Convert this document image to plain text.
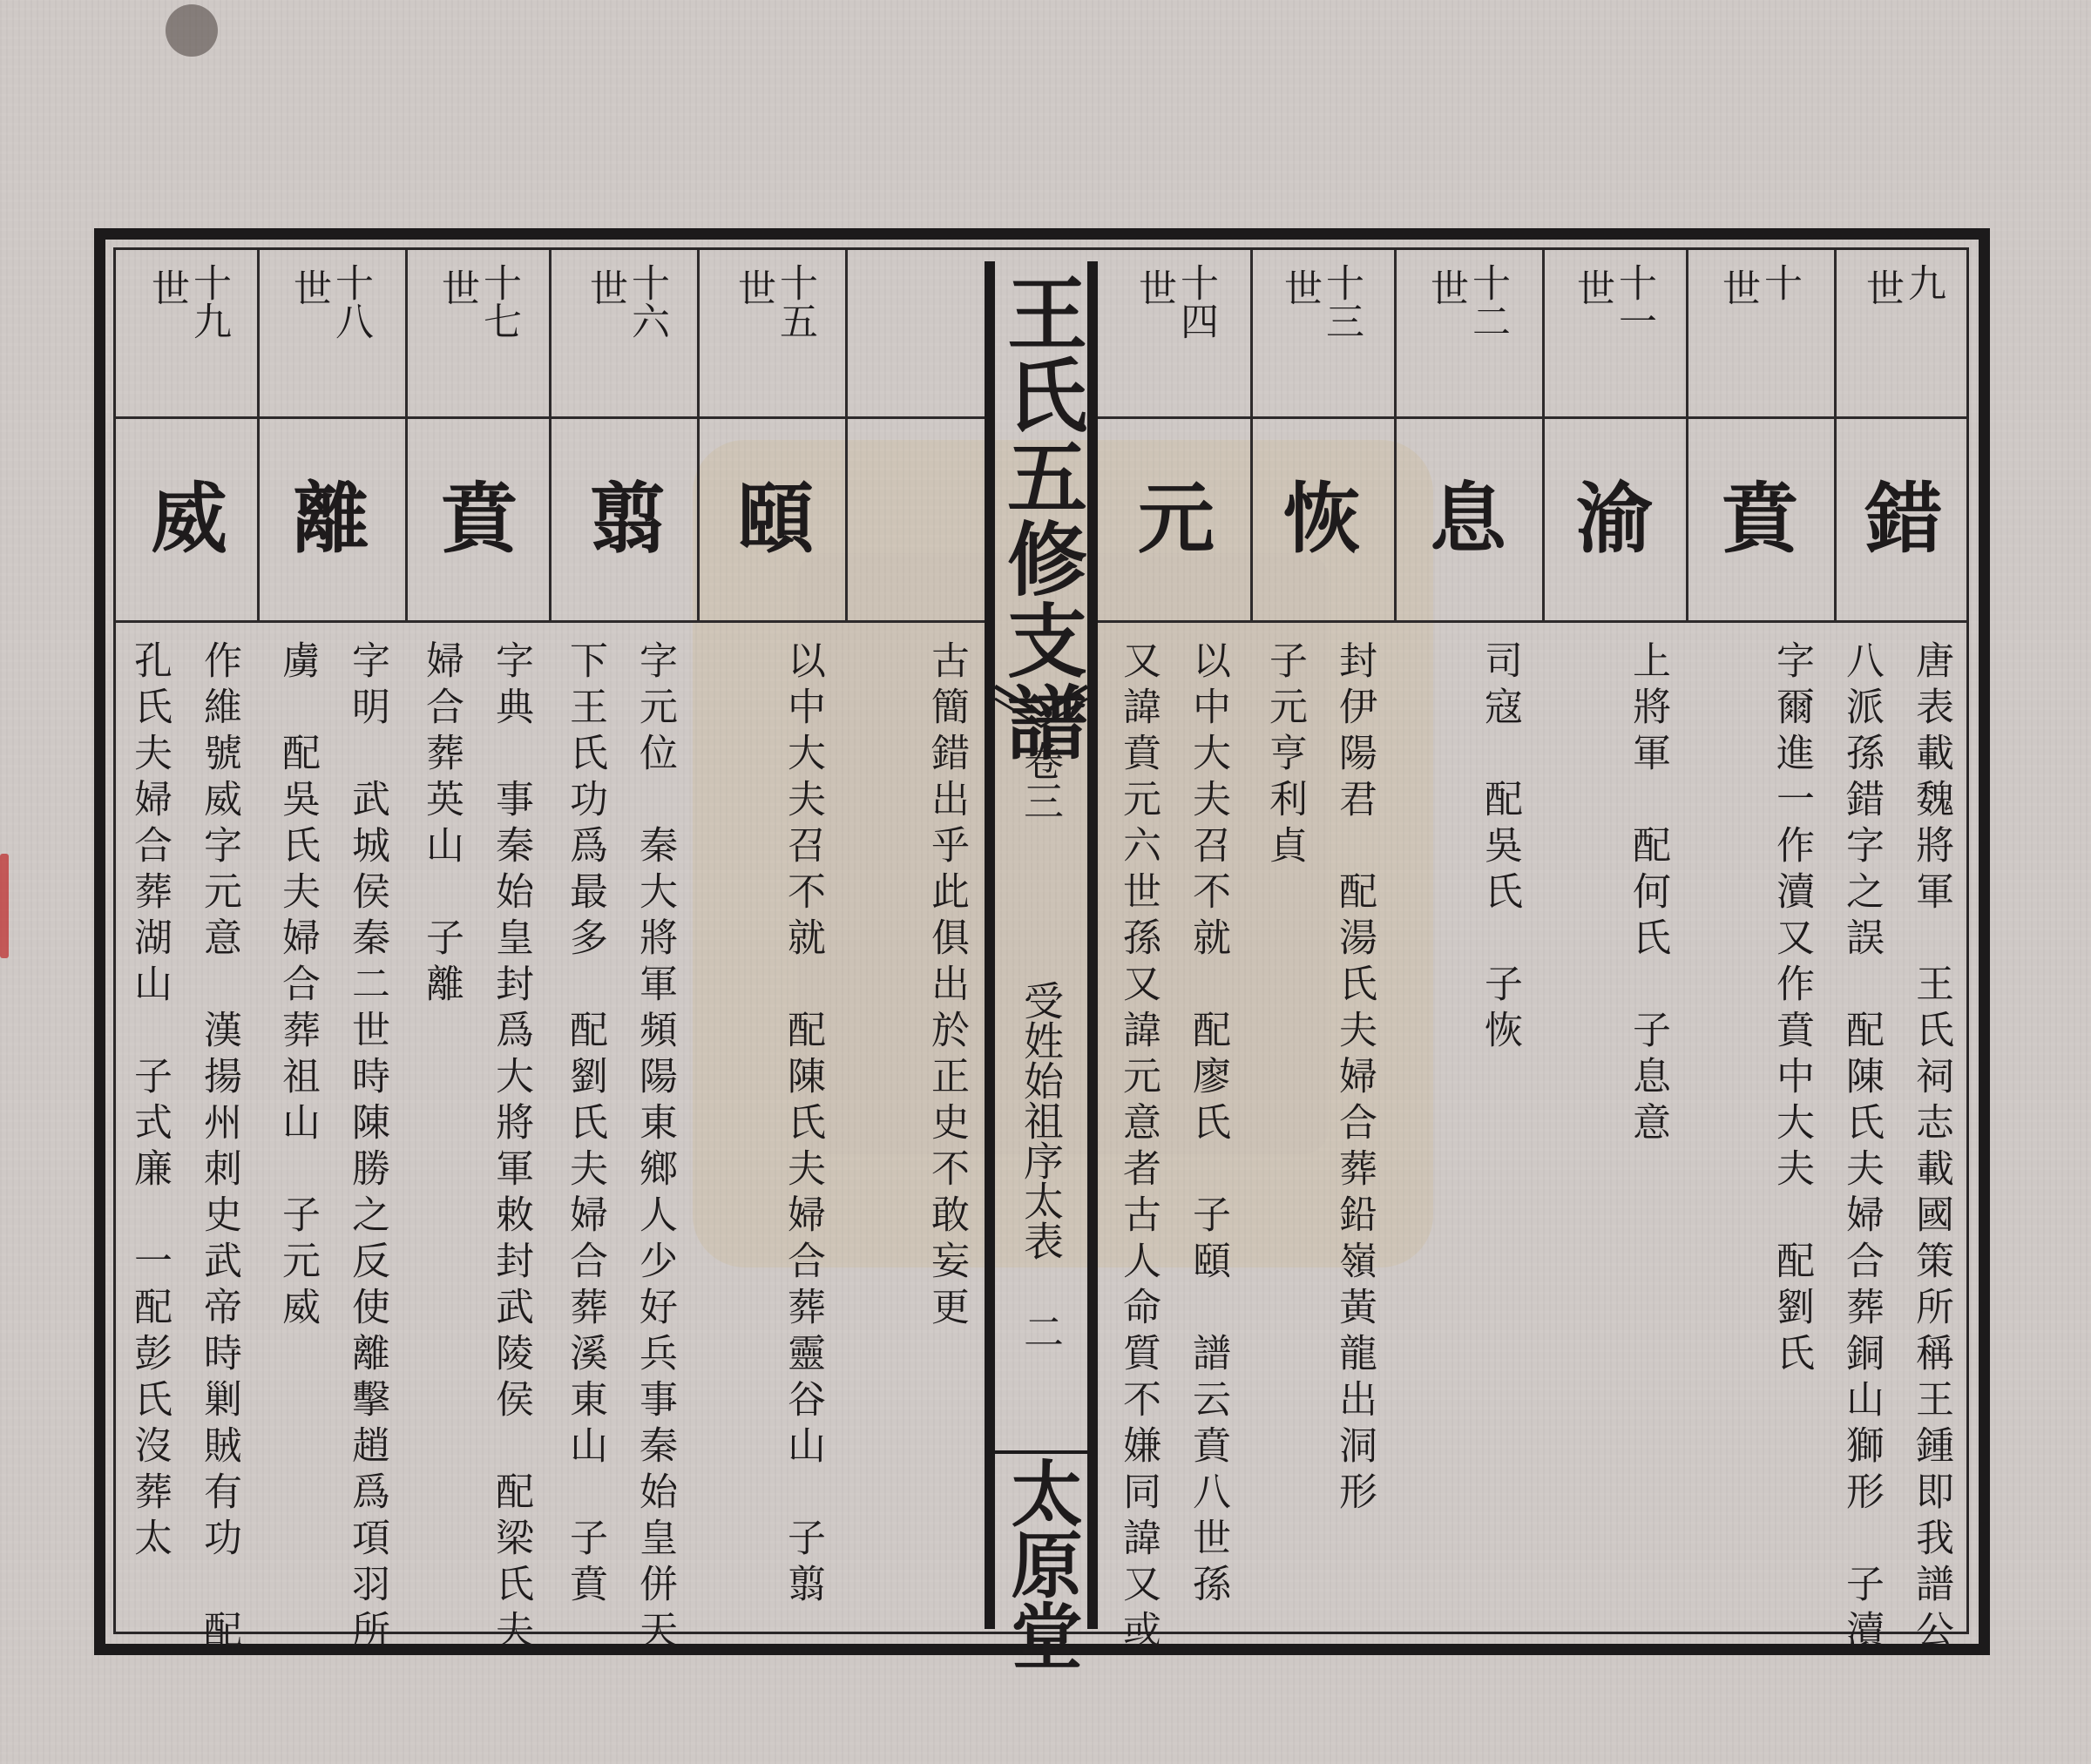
九
世
十
世
十一
世
十二
世
十三
世
十四
世
十五
世
十六
世
十七
世
十八
世
十九
世
錯
賁
渝
息
恢
元
頤
翦
賁
離
威
唐表載魏將軍　王氏祠志載國策所稱王鍾即我譜公
八派孫錯字之誤　配陳氏夫婦合葬銅山獅形　子瀆
字爾進一作瀆又作賁中大夫　配劉氏
上將軍　配何氏　子息意
司寇　配吳氏　子恢
封伊陽君　配湯氏夫婦合葬鉛嶺黃龍出洞形
子元亨利貞
以中大夫召不就　配廖氏　子頤　譜云賁八世孫
又諱賁元六世孫又諱元意者古人命質不嫌同諱又或
古簡錯出乎此俱出於正史不敢妄更
以中大夫召不就　配陳氏夫婦合葬靈谷山　子翦
字元位　秦大將軍頻陽東鄉人少好兵事秦始皇併天
下王氏功爲最多　配劉氏夫婦合葬溪東山　子賁
字典　事秦始皇封爲大將軍敕封武陵侯　配梁氏夫
婦合葬英山　子離
字明　武城侯秦二世時陳勝之反使離擊趙爲項羽所
虜　配吳氏夫婦合葬祖山　子元威
作維號威字元意　漢揚州刺史武帝時剿賊有功　配
孔氏夫婦合葬湖山　子式廉　一配彭氏沒葬太
王氏五修支譜
卷三
受姓始祖序太表
二
太原堂
